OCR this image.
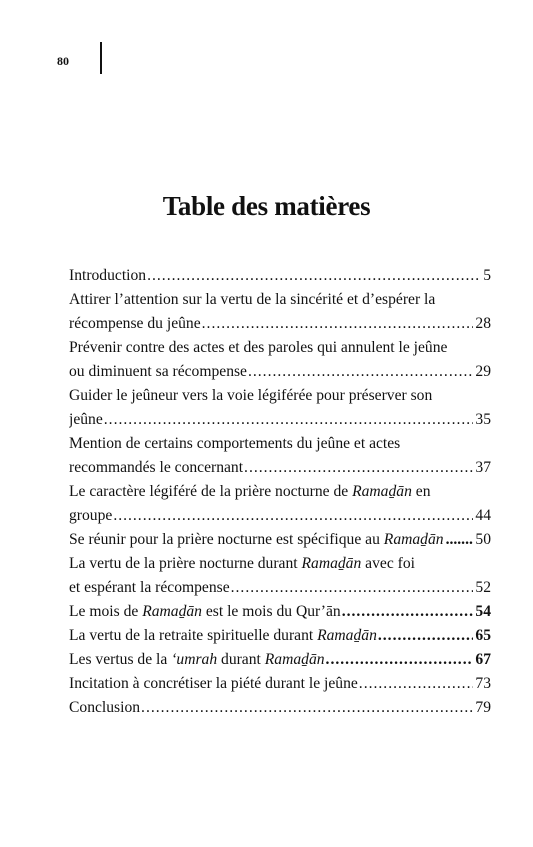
80
Table des matières
Introduction .....	5
Attirer l’attention sur la vertu de la sincérité et d’espérer la
récompense du jeûne .....	28
Prévenir contre des actes et des paroles qui annulent le jeûne
ou diminuent sa récompense .....	29
Guider le jeûneur vers la voie légiférée pour préserver son
jeûne .....	35
Mention de certains comportements du jeûne et actes
recommandés le concernant .....	37
Le caractère légiféré de la prière nocturne de Ramaḏān en
groupe .....	44
Se réunir pour la prière nocturne est spécifique au Ramaḏān ..... 50
La vertu de la prière nocturne durant Ramaḏān avec foi
et espérant la récompense .....	52
Le mois de Ramaḏān est le mois du Qur’ān .....	54
La vertu de la retraite spirituelle durant Ramaḏān .....	65
Les vertus de la ‘umrah durant Ramaḏān .....	67
Incitation à concrétiser la piété durant le jeûne .....	73
Conclusion .....	79
